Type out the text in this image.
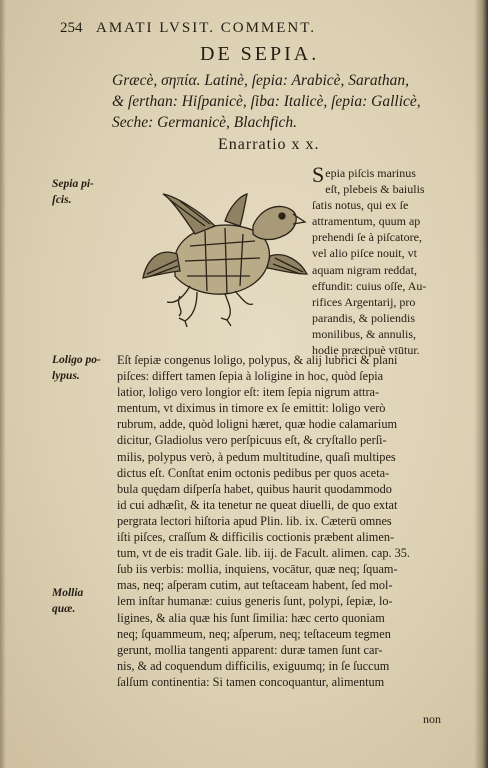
254 AMATI LVSIT. COMMENT.
DE SEPIA.
Græcè, σηπία. Latinè, ſepia: Arabicè, Sarathan,
& ſerthan: Hiſpanicè, ſiba: Italicè, ſepia: Gallicè,
Seche: Germanicè, Blachfich.
Enarratio x x.
Sepia pi-
ſcis.
Loligo po-
lypus.
Mollia
quæ.
S epia piſcis marinus
eſt, plebeis & baiulis
ſatis notus, qui ex ſe
attramentum, quum ap
prehendi ſe à piſcatore,
vel alio piſce nouit, vt
aquam nigram reddat,
effundit: cuius oſſe, Au-
rifices Argentarij, pro
parandis, & poliendis
monilibus, & annulis,
hodie præcipuè vtūtur.
Eſt ſepiæ congenus loligo, polypus, & alij lubrici & plani
piſces: differt tamen ſepia à loligine in hoc, quòd ſepia
latior, loligo vero longior eſt: item ſepia nigrum attra-
mentum, vt diximus in timore ex ſe emittit: loligo verò
rubrum, adde, quòd loligni hæret, quæ hodie calamarium
dicitur, Gladiolus vero perſpicuus eſt, & cryſtallo perſi-
milis, polypus verò, à pedum multitudine, quaſi multipes
dictus eſt. Conſtat enim octonis pedibus per quos aceta-
bula quędam diſperſa habet, quibus haurit quodammodo
id cui adhæſit, & ita tenetur ne queat diuelli, de quo extat
pergrata lectori hiſtoria apud Plin. lib. ix. Cæterū omnes
iſti piſces, craſſum & difficilis coctionis præbent alimen-
tum, vt de eis tradit Gale. lib. iij. de Facult. alimen. cap. 35.
ſub iis verbis: mollia, inquiens, vocātur, quæ neq; ſquam-
mas, neq; aſperam cutim, aut teſtaceam habent, ſed mol-
lem inſtar humanæ: cuius generis ſunt, polypi, ſepiæ, lo-
ligines, & alia quæ his ſunt ſimilia: hæc certo quoniam
neq; ſquammeum, neq; aſperum, neq; teſtaceum tegmen
gerunt, mollia tangenti apparent: duræ tamen ſunt car-
nis, & ad coquendum difficilis, exiguumq; in ſe ſuccum
ſalſum continentia: Si tamen concoquantur, alimentum
non
